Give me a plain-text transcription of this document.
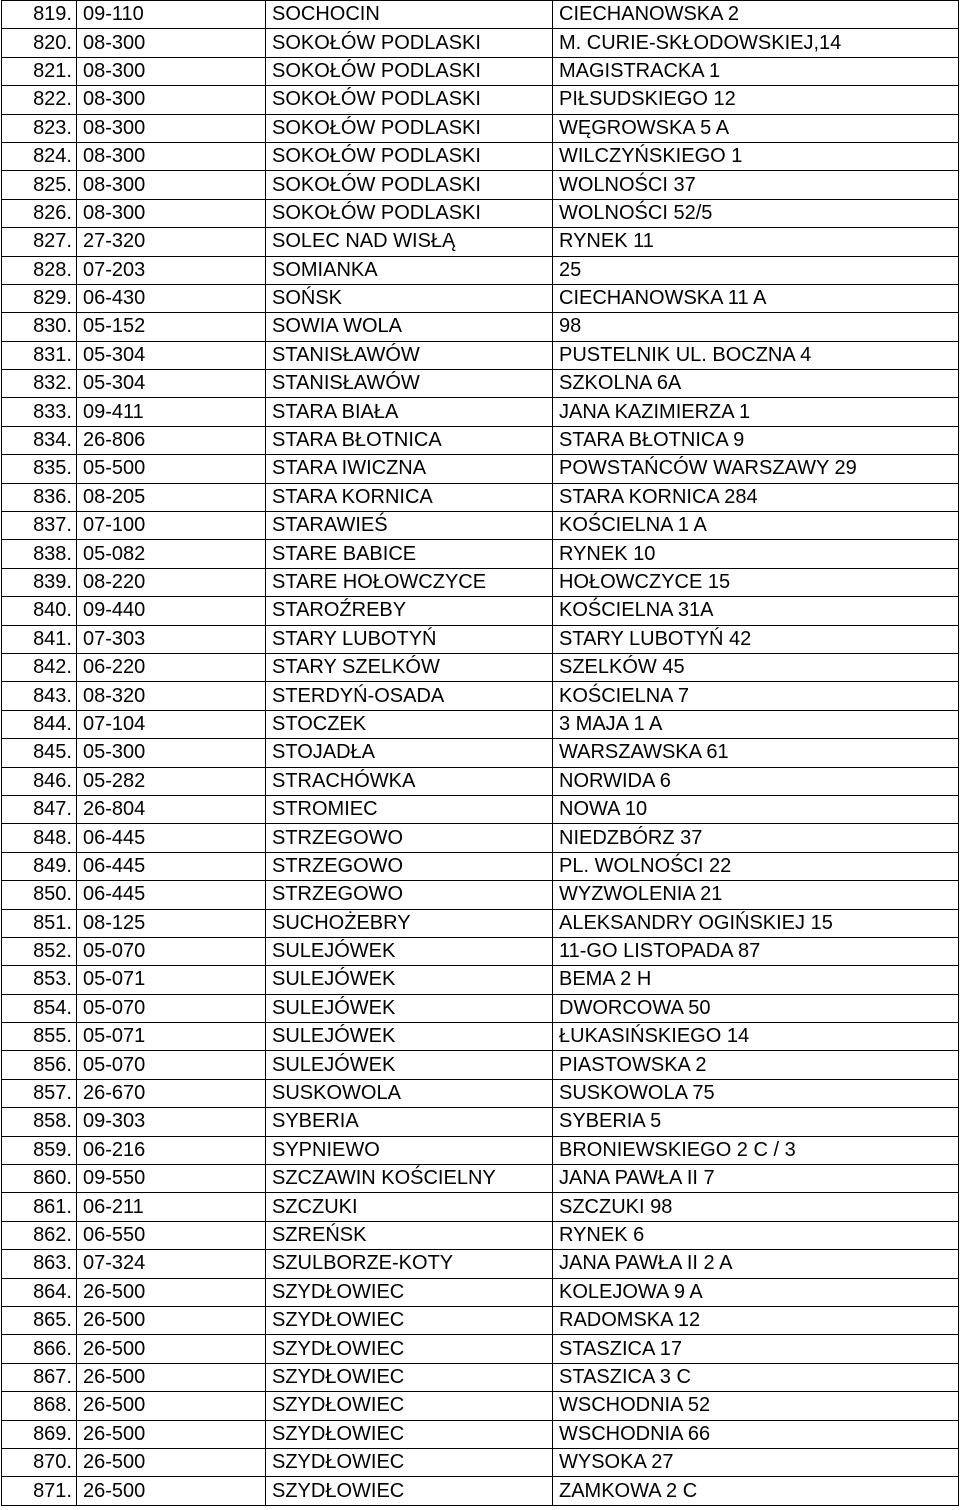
819.	09-110	SOCHOCIN	CIECHANOWSKA 2
820.	08-300	SOKOŁÓW PODLASKI	M. CURIE-SKŁODOWSKIEJ,14
821.	08-300	SOKOŁÓW PODLASKI	MAGISTRACKA 1
822.	08-300	SOKOŁÓW PODLASKI	PIŁSUDSKIEGO 12
823.	08-300	SOKOŁÓW PODLASKI	WĘGROWSKA 5 A
824.	08-300	SOKOŁÓW PODLASKI	WILCZYŃSKIEGO 1
825.	08-300	SOKOŁÓW PODLASKI	WOLNOŚCI 37
826.	08-300	SOKOŁÓW PODLASKI	WOLNOŚCI 52/5
827.	27-320	SOLEC NAD WISŁĄ	RYNEK 11
828.	07-203	SOMIANKA	25
829.	06-430	SOŃSK	CIECHANOWSKA 11 A
830.	05-152	SOWIA WOLA	98
831.	05-304	STANISŁAWÓW	PUSTELNIK UL. BOCZNA 4
832.	05-304	STANISŁAWÓW	SZKOLNA 6A
833.	09-411	STARA BIAŁA	JANA KAZIMIERZA 1
834.	26-806	STARA BŁOTNICA	STARA BŁOTNICA 9
835.	05-500	STARA IWICZNA	POWSTAŃCÓW WARSZAWY 29
836.	08-205	STARA KORNICA	STARA KORNICA 284
837.	07-100	STARAWIEŚ	KOŚCIELNA 1 A
838.	05-082	STARE BABICE	RYNEK 10
839.	08-220	STARE HOŁOWCZYCE	HOŁOWCZYCE 15
840.	09-440	STAROŹREBY	KOŚCIELNA 31A
841.	07-303	STARY LUBOTYŃ	STARY LUBOTYŃ 42
842.	06-220	STARY SZELKÓW	SZELKÓW 45
843.	08-320	STERDYŃ-OSADA	KOŚCIELNA 7
844.	07-104	STOCZEK	3 MAJA 1 A
845.	05-300	STOJADŁA	WARSZAWSKA 61
846.	05-282	STRACHÓWKA	NORWIDA 6
847.	26-804	STROMIEC	NOWA 10
848.	06-445	STRZEGOWO	NIEDZBÓRZ 37
849.	06-445	STRZEGOWO	PL. WOLNOŚCI 22
850.	06-445	STRZEGOWO	WYZWOLENIA 21
851.	08-125	SUCHOŻEBRY	ALEKSANDRY OGIŃSKIEJ 15
852.	05-070	SULEJÓWEK	11-GO LISTOPADA 87
853.	05-071	SULEJÓWEK	BEMA 2 H
854.	05-070	SULEJÓWEK	DWORCOWA 50
855.	05-071	SULEJÓWEK	ŁUKASIŃSKIEGO 14
856.	05-070	SULEJÓWEK	PIASTOWSKA 2
857.	26-670	SUSKOWOLA	SUSKOWOLA 75
858.	09-303	SYBERIA	SYBERIA 5
859.	06-216	SYPNIEWO	BRONIEWSKIEGO 2 C / 3
860.	09-550	SZCZAWIN KOŚCIELNY	JANA PAWŁA II 7
861.	06-211	SZCZUKI	SZCZUKI 98
862.	06-550	SZREŃSK	RYNEK 6
863.	07-324	SZULBORZE-KOTY	JANA PAWŁA II 2 A
864.	26-500	SZYDŁOWIEC	KOLEJOWA 9 A
865.	26-500	SZYDŁOWIEC	RADOMSKA 12
866.	26-500	SZYDŁOWIEC	STASZICA 17
867.	26-500	SZYDŁOWIEC	STASZICA 3 C
868.	26-500	SZYDŁOWIEC	WSCHODNIA 52
869.	26-500	SZYDŁOWIEC	WSCHODNIA 66
870.	26-500	SZYDŁOWIEC	WYSOKA 27
871.	26-500	SZYDŁOWIEC	ZAMKOWA 2 C
